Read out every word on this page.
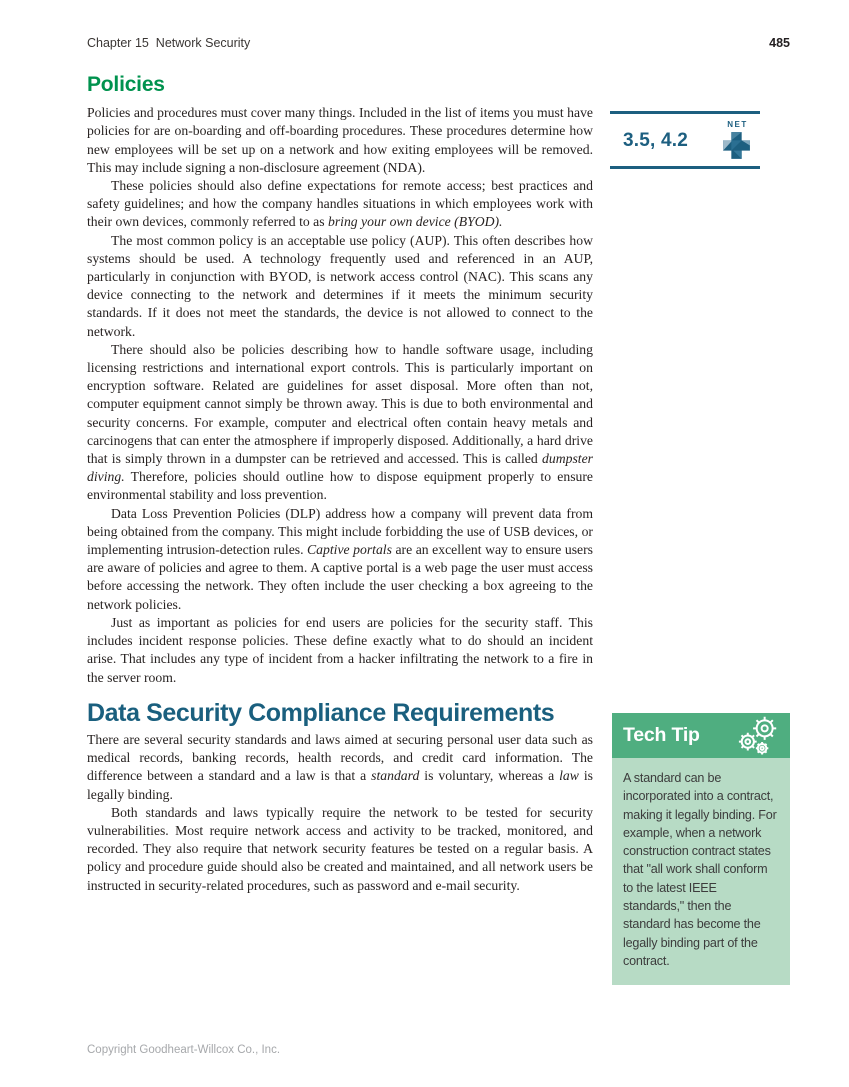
Chapter 15  Network Security	485
Policies

Policies and procedures must cover many things. Included in the list of items you must have policies for are on-boarding and off-boarding procedures. These procedures determine how new employees will be set up on a network and how exiting employees will be removed. This may include signing a non-disclosure agreement (NDA).

These policies should also define expectations for remote access; best practices and safety guidelines; and how the company handles situations in which employees work with their own devices, commonly referred to as bring your own device (BYOD).

The most common policy is an acceptable use policy (AUP). This often describes how systems should be used. A technology frequently used and referenced in an AUP, particularly in conjunction with BYOD, is network access control (NAC). This scans any device connecting to the network and determines if it meets the minimum security standards. If it does not meet the standards, the device is not allowed to connect to the network.

There should also be policies describing how to handle software usage, including licensing restrictions and international export controls. This is particularly important on encryption software. Related are guidelines for asset disposal. More often than not, computer equipment cannot simply be thrown away. This is due to both environmental and security concerns. For example, computer and electrical often contain heavy metals and carcinogens that can enter the atmosphere if improperly disposed. Additionally, a hard drive that is simply thrown in a dumpster can be retrieved and accessed. This is called dumpster diving. Therefore, policies should outline how to dispose equipment properly to ensure environmental stability and loss prevention.

Data Loss Prevention Policies (DLP) address how a company will prevent data from being obtained from the company. This might include forbidding the use of USB devices, or implementing intrusion-detection rules. Captive portals are an excellent way to ensure users are aware of policies and agree to them. A captive portal is a web page the user must access before accessing the network. They often include the user checking a box agreeing to the network policies.

Just as important as policies for end users are policies for the security staff. This includes incident response policies. These define exactly what to do should an incident arise. That includes any type of incident from a hacker infiltrating the network to a fire in the server room.

Data Security Compliance Requirements

There are several security standards and laws aimed at securing personal user data such as medical records, banking records, health records, and credit card information. The difference between a standard and a law is that a standard is voluntary, whereas a law is legally binding.

Both standards and laws typically require the network to be tested for security vulnerabilities. Most require network access and activity to be tracked, monitored, and recorded. They also require that network security features be tested on a regular basis. A policy and procedure guide should also be created and maintained, and all network users be instructed in security-related procedures, such as password and e-mail security.

3.5, 4.2
NET
Tech Tip
A standard can be incorporated into a contract, making it legally binding. For example, when a network construction contract states that "all work shall conform to the latest IEEE standards," then the standard has become the legally binding part of the contract.
Copyright Goodheart-Willcox Co., Inc.
